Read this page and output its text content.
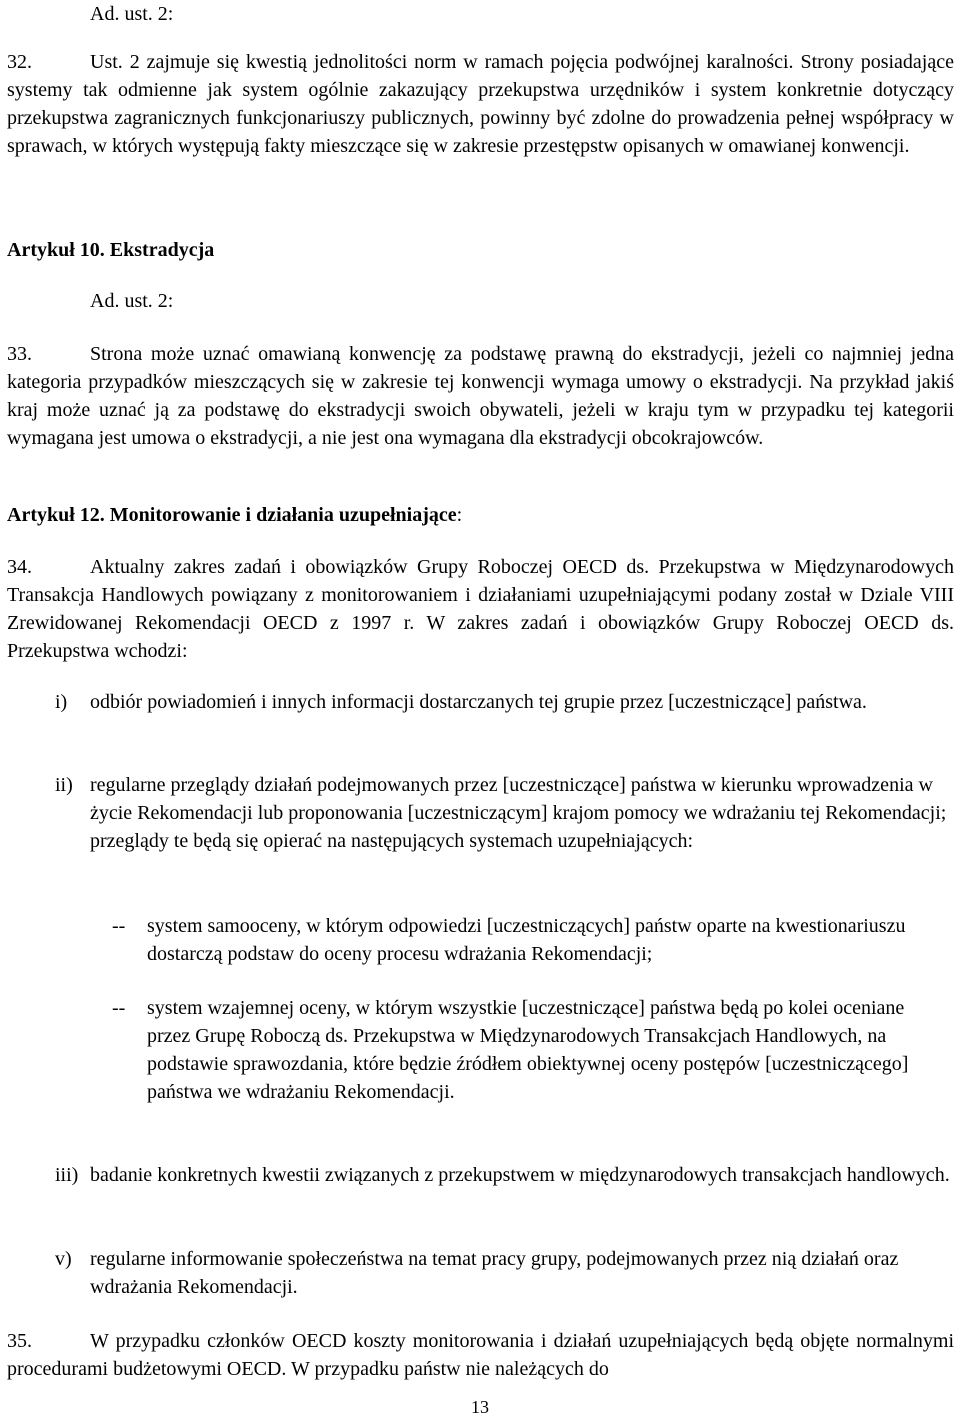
Ad. ust. 2:
32.	Ust. 2 zajmuje się kwestią jednolitości norm w ramach pojęcia podwójnej karalności. Strony posiadające systemy tak odmienne jak system ogólnie zakazujący przekupstwa urzędników i system konkretnie dotyczący przekupstwa zagranicznych funkcjonariuszy publicznych, powinny być zdolne do prowadzenia pełnej współpracy w sprawach, w których występują fakty mieszczące się w zakresie przestępstw opisanych w omawianej konwencji.
Artykuł 10. Ekstradycja
Ad. ust. 2:
33.	Strona może uznać omawianą konwencję za podstawę prawną do ekstradycji, jeżeli co najmniej jedna kategoria przypadków mieszczących się w zakresie tej konwencji wymaga umowy o ekstradycji. Na przykład jakiś kraj może uznać ją za podstawę do ekstradycji swoich obywateli, jeżeli w kraju tym w przypadku tej kategorii wymagana jest umowa o ekstradycji, a nie jest ona wymagana dla ekstradycji obcokrajowców.
Artykuł 12. Monitorowanie i działania uzupełniające:
34.	Aktualny zakres zadań i obowiązków Grupy Roboczej OECD ds. Przekupstwa w Międzynarodowych Transakcja Handlowych powiązany z monitorowaniem i działaniami uzupełniającymi podany został w Dziale VIII Zrewidowanej Rekomendacji OECD z 1997 r. W zakres zadań i obowiązków Grupy Roboczej OECD ds. Przekupstwa wchodzi:
i) odbiór powiadomień i innych informacji dostarczanych tej grupie przez [uczestniczące] państwa.
ii) regularne przeglądy działań podejmowanych przez [uczestniczące] państwa w kierunku wprowadzenia w życie Rekomendacji lub proponowania [uczestniczącym] krajom pomocy we wdrażaniu tej Rekomendacji; przeglądy te będą się opierać na następujących systemach uzupełniających:
-- system samooceny, w którym odpowiedzi [uczestniczących] państw oparte na kwestionariuszu dostarczą podstaw do oceny procesu wdrażania Rekomendacji;
-- system wzajemnej oceny, w którym wszystkie [uczestniczące] państwa będą po kolei oceniane przez Grupę Roboczą ds. Przekupstwa w Międzynarodowych Transakcjach Handlowych, na podstawie sprawozdania, które będzie źródłem obiektywnej oceny postępów [uczestniczącego] państwa we wdrażaniu Rekomendacji.
iii) badanie konkretnych kwestii związanych z przekupstwem w międzynarodowych transakcjach handlowych.
v) regularne informowanie społeczeństwa na temat pracy grupy, podejmowanych przez nią działań oraz wdrażania Rekomendacji.
35.	W przypadku członków OECD koszty monitorowania i działań uzupełniających będą objęte normalnymi procedurami budżetowymi OECD. W przypadku państw nie należących do
13
